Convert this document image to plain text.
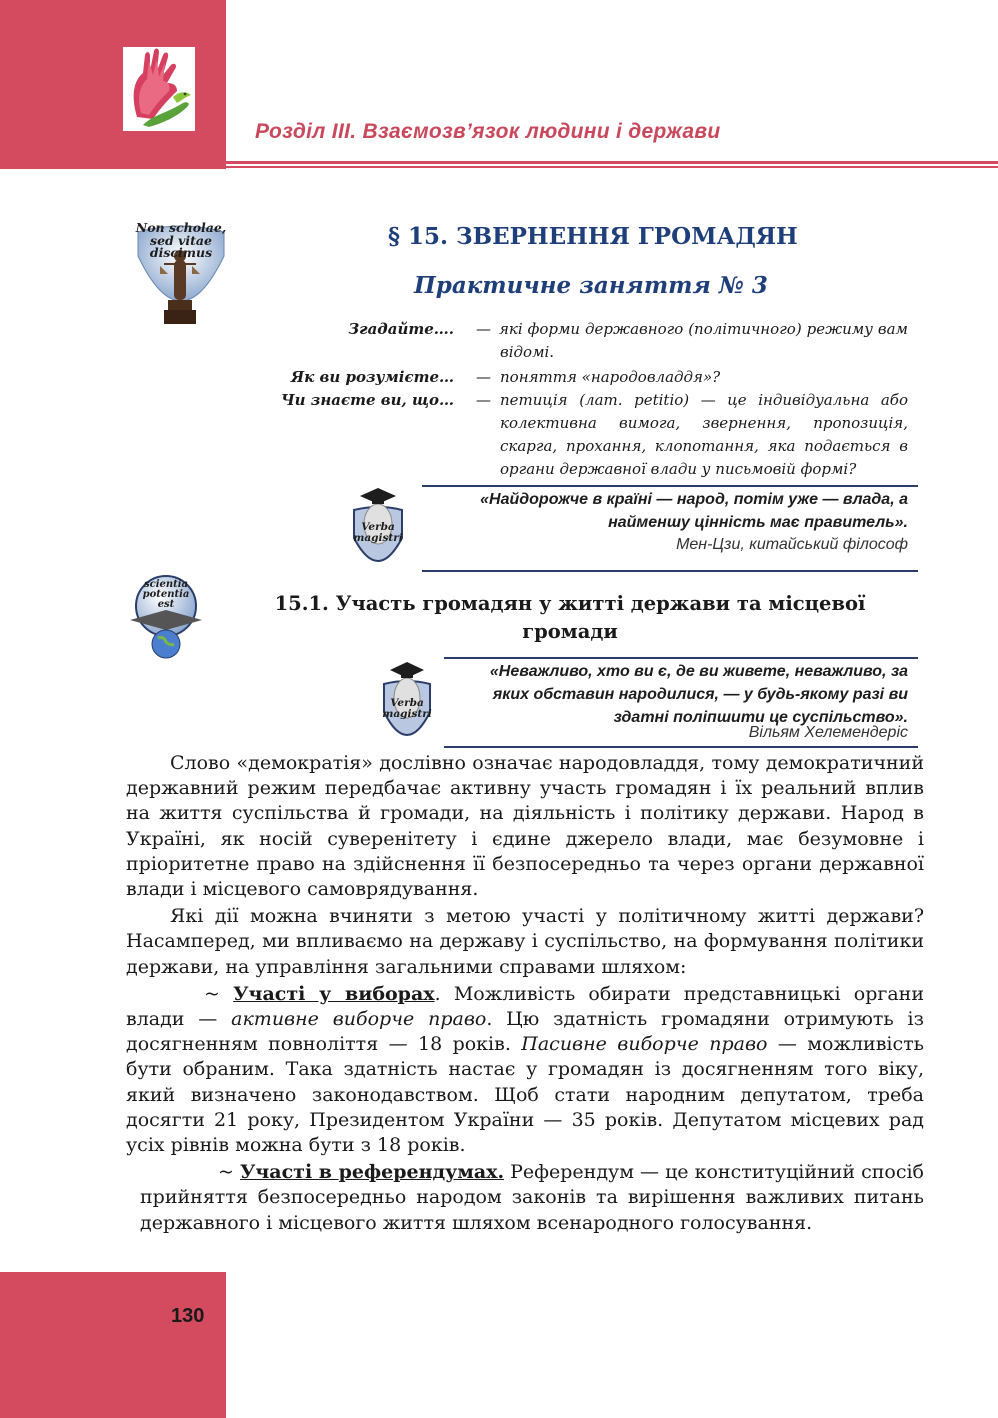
Розділ ІІІ. Взаємозв’язок людини і держави
Non scholae, sed vitae discimus
§ 15. ЗВЕРНЕННЯ ГРОМАДЯН
Практичне заняття № 3
Згадайте…. — які форми державного (політичного) режиму вам відомі.
Як ви розумієте… — поняття «народовладдя»?
Чи знаєте ви, що… — петиція (лат. petitio) — це індивідуальна або колективна вимога, звернення, пропозиція, скарга, прохання, клопотання, яка подається в органи державної влади у письмовій формі?
Verba magistri
«Найдорожче в країні — народ, потім уже — влада, а найменшу цінність має правитель».
Мен-Цзи, китайський філософ
scientia potentia est	15.1. Участь громадян у житті держави та місцевої громади
Verba magistri
«Неважливо, хто ви є, де ви живете, неважливо, за яких обставин народилися, — у будь-якому разі ви здатні поліпшити це суспільство».
Вільям Хелемендеріс

Слово «демократія» дослівно означає народовладдя, тому демократичний державний режим передбачає активну участь громадян і їх реальний вплив на життя суспільства й громади, на діяльність і політику держави. Народ в Україні, як носій суверенітету і єдине джерело влади, має безумовне і пріоритетне право на здійснення її безпосередньо та через органи державної влади і місцевого самоврядування.

Які дії можна вчиняти з метою участі у політичному житті держави? Насамперед, ми впливаємо на державу і суспільство, на формування політики держави, на управління загальними справами шляхом:

~ Участі у виборах. Можливість обирати представницькі органи влади — активне виборче право. Цю здатність громадяни отримують із досягненням повноліття — 18 років. Пасивне виборче право — можливість бути обраним. Така здатність настає у громадян із досягненням того віку, який визначено законодавством. Щоб стати народним депутатом, треба досягти 21 року, Президентом України — 35 років. Депутатом місцевих рад усіх рівнів можна бути з 18 років.

~ Участі в референдумах. Референдум — це конституційний спосіб прийняття безпосередньо народом законів та вирішення важливих питань державного і місцевого життя шляхом всенародного голосування.

130
